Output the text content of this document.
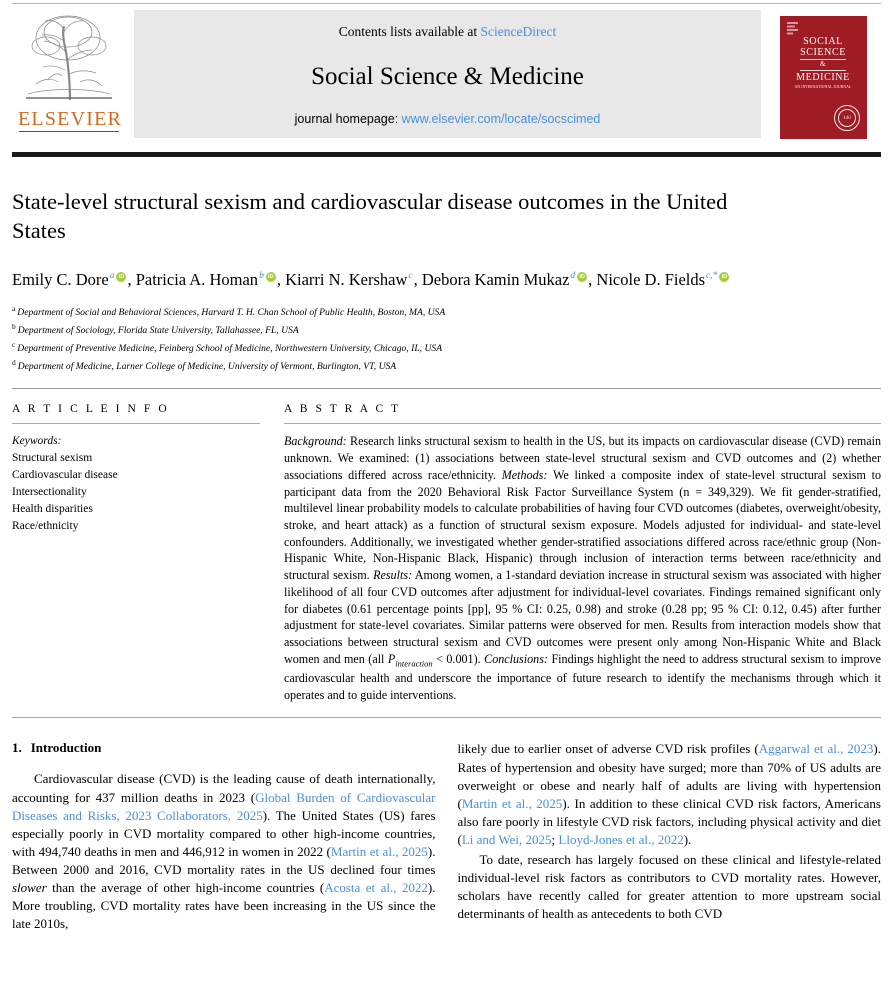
ELSEVIER
Contents lists available at ScienceDirect
Social Science & Medicine
journal homepage: www.elsevier.com/locate/socscimed
SOCIAL
SCIENCE
&
MEDICINE
AN INTERNATIONAL JOURNAL
140
State-level structural sexism and cardiovascular disease outcomes in the United States
Emily C. Dore$^a$ iD , Patricia A. Homan$^b$ iD , Kiarri N. Kershaw$^c$, Debora Kamin Mukaz$^d$ iD , Nicole D. Fields$^{c,*}$iD
$^a$ Department of Social and Behavioral Sciences, Harvard T. H. Chan School of Public Health, Boston, MA, USA
$^b$ Department of Sociology, Florida State University, Tallahassee, FL, USA
$^c$ Department of Preventive Medicine, Feinberg School of Medicine, Northwestern University, Chicago, IL, USA
$^d$ Department of Medicine, Larner College of Medicine, University of Vermont, Burlington, VT, USA
A R T I C L E I N F O
Keywords:
Structural sexism
Cardiovascular disease
Intersectionality
Health disparities
Race/ethnicity
A B S T R A C T

Background: Research links structural sexism to health in the US, but its impacts on cardiovascular disease (CVD) remain unknown. We examined: (1) associations between state-level structural sexism and CVD outcomes and (2) whether associations differed across race/ethnicity. Methods: We linked a composite index of state-level structural sexism to participant data from the 2020 Behavioral Risk Factor Surveillance System (n = 349,329). We fit gender-stratified, multilevel linear probability models to calculate probabilities of having four CVD outcomes (diabetes, overweight/obesity, stroke, and heart attack) as a function of structural sexism exposure. Models adjusted for individual- and state-level confounders. Additionally, we investigated whether gender-stratified associations differed across race/ethnic group (Non-Hispanic White, Non-Hispanic Black, Hispanic) through inclusion of interaction terms between race/ethnicity and structural sexism. Results: Among women, a 1-standard deviation increase in structural sexism was associated with higher likelihood of all four CVD outcomes after adjustment for individual-level covariates. Findings remained significant only for diabetes (0.61 percentage points [pp], 95 % CI: 0.25, 0.98) and stroke (0.28 pp; 95 % CI: 0.12, 0.45) after further adjustment for state-level covariates. Similar patterns were observed for men. Results from interaction models show that associations between structural sexism and CVD outcomes were present only among Non-Hispanic White and Black women and men (all $P_{interaction} < 0.001$). Conclusions: Findings highlight the need to address structural sexism to improve cardiovascular health and underscore the importance of future research to identify the mechanisms through which it operates and to guide interventions.

1. Introduction

Cardiovascular disease (CVD) is the leading cause of death internationally, accounting for 437 million deaths in 2023 (Global Burden of Cardiovascular Diseases and Risks, 2023 Collaborators, 2025). The United States (US) fares especially poorly in CVD mortality compared to other high-income countries, with 494,740 deaths in men and 446,912 in women in 2022 (Martin et al., 2025). Between 2000 and 2016, CVD mortality rates in the US declined four times slower than the average of other high-income countries (Acosta et al., 2022). More troubling, CVD mortality rates have been increasing in the US since the late 2010s,

likely due to earlier onset of adverse CVD risk profiles (Aggarwal et al., 2023). Rates of hypertension and obesity have surged; more than 70% of US adults are overweight or obese and nearly half of adults are living with hypertension (Martin et al., 2025). In addition to these clinical CVD risk factors, Americans also fare poorly in lifestyle CVD risk factors, including physical activity and diet (Li and Wei, 2025; Lloyd-Jones et al., 2022).

To date, research has largely focused on these clinical and lifestyle-related individual-level risk factors as contributors to CVD mortality rates. However, scholars have recently called for greater attention to more upstream social determinants of health as antecedents to both CVD
